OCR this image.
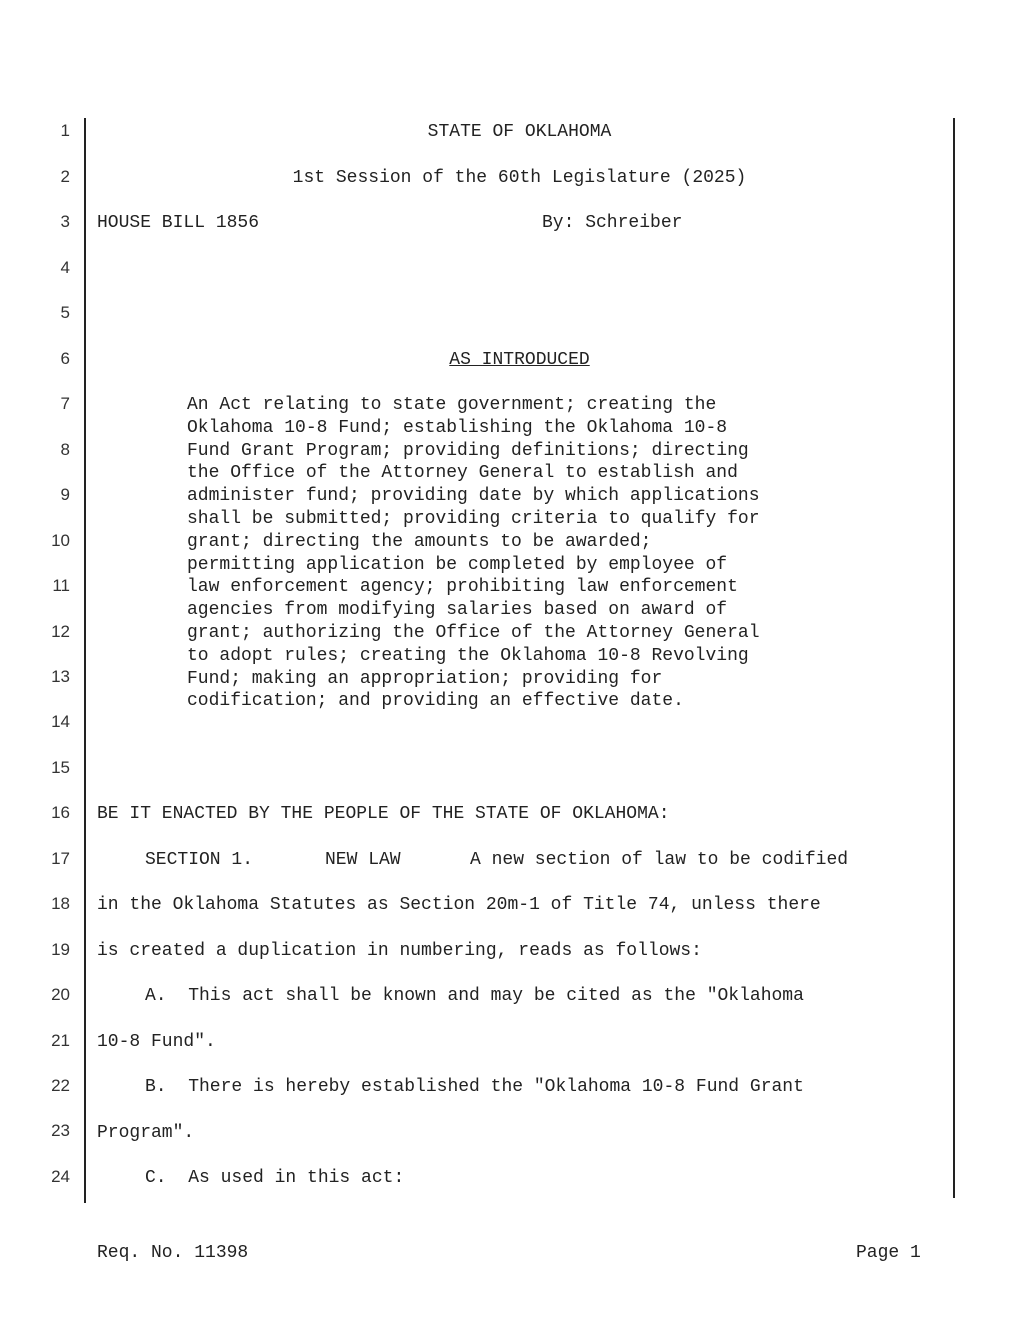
1
2
3
4
5
6
7
8
9
10
11
12
13
14
15
16
17
18
19
20
21
22
23
24
STATE OF OKLAHOMA
1st Session of the 60th Legislature (2025)
HOUSE BILL 1856	By: Schreiber
AS INTRODUCED
An Act relating to state government; creating the
Oklahoma 10-8 Fund; establishing the Oklahoma 10-8
Fund Grant Program; providing definitions; directing
the Office of the Attorney General to establish and
administer fund; providing date by which applications
shall be submitted; providing criteria to qualify for
grant; directing the amounts to be awarded;
permitting application be completed by employee of
law enforcement agency; prohibiting law enforcement
agencies from modifying salaries based on award of
grant; authorizing the Office of the Attorney General
to adopt rules; creating the Oklahoma 10-8 Revolving
Fund; making an appropriation; providing for
codification; and providing an effective date.
BE IT ENACTED BY THE PEOPLE OF THE STATE OF OKLAHOMA:
SECTION 1.	NEW LAW	A new section of law to be codified
in the Oklahoma Statutes as Section 20m-1 of Title 74, unless there
is created a duplication in numbering, reads as follows:
A.  This act shall be known and may be cited as the "Oklahoma
10-8 Fund".
B.  There is hereby established the "Oklahoma 10-8 Fund Grant
Program".
C.  As used in this act:
Req. No. 11398	Page 1
